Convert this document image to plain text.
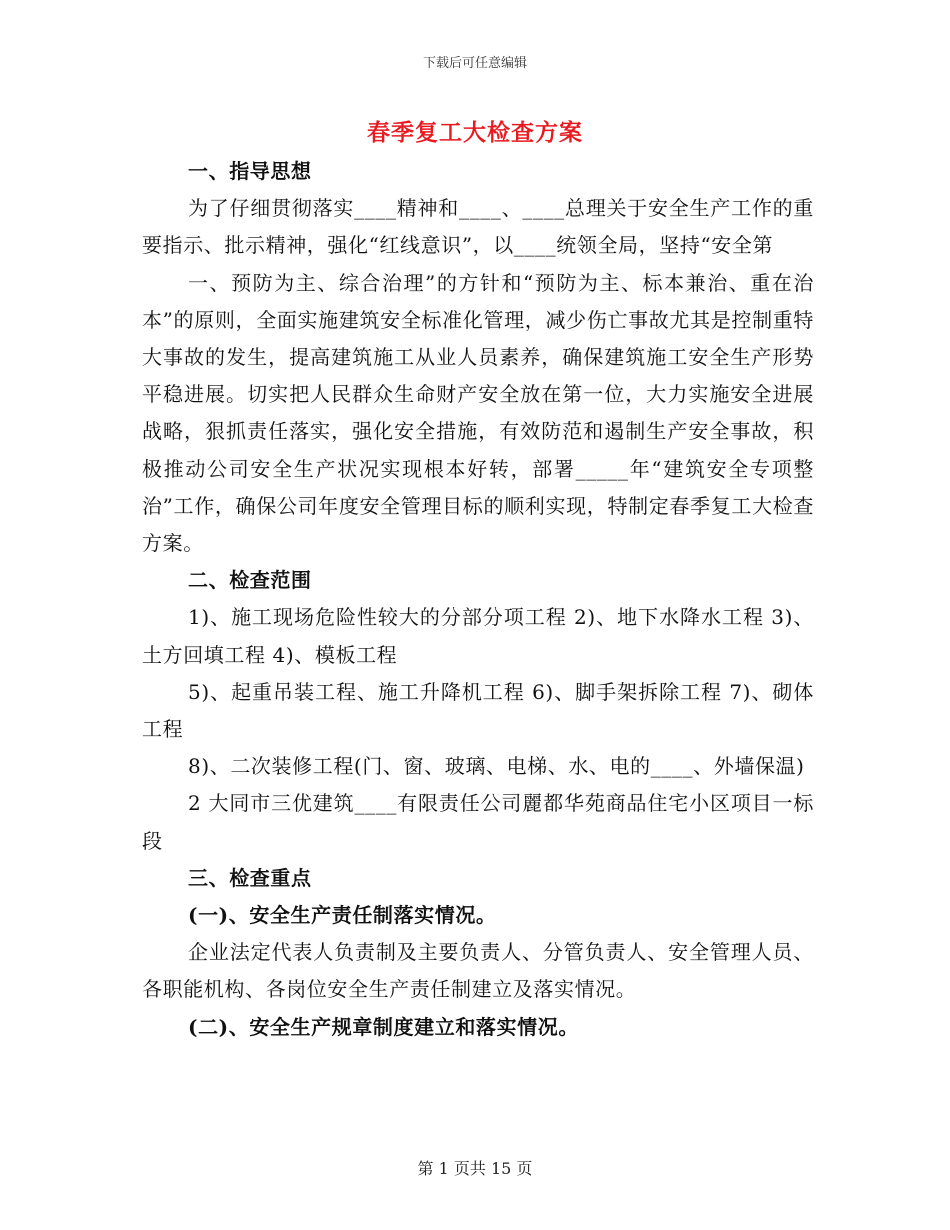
下载后可任意编辑
春季复工大检查方案

一、指导思想

为了仔细贯彻落实____精神和____、____总理关于安全生产工作的重要指示、批示精神，强化“红线意识”，以____统领全局，坚持“安全第

一、预防为主、综合治理”的方针和“预防为主、标本兼治、重在治本”的原则，全面实施建筑安全标准化管理，减少伤亡事故尤其是控制重特大事故的发生，提高建筑施工从业人员素养，确保建筑施工安全生产形势平稳进展。切实把人民群众生命财产安全放在第一位，大力实施安全进展战略，狠抓责任落实，强化安全措施，有效防范和遏制生产安全事故，积极推动公司安全生产状况实现根本好转，部署_____年“建筑安全专项整治”工作，确保公司年度安全管理目标的顺利实现，特制定春季复工大检查方案。

二、检查范围

1)、施工现场危险性较大的分部分项工程 2)、地下水降水工程 3)、土方回填工程 4)、模板工程

5)、起重吊装工程、施工升降机工程 6)、脚手架拆除工程 7)、砌体工程

8)、二次装修工程(门、窗、玻璃、电梯、水、电的____、外墙保温)

2 大同市三优建筑____有限责任公司麗都华苑商品住宅小区项目一标段

三、检查重点

(一)、安全生产责任制落实情况。

企业法定代表人负责制及主要负责人、分管负责人、安全管理人员、各职能机构、各岗位安全生产责任制建立及落实情况。

(二)、安全生产规章制度建立和落实情况。

第 1 页共 15 页
